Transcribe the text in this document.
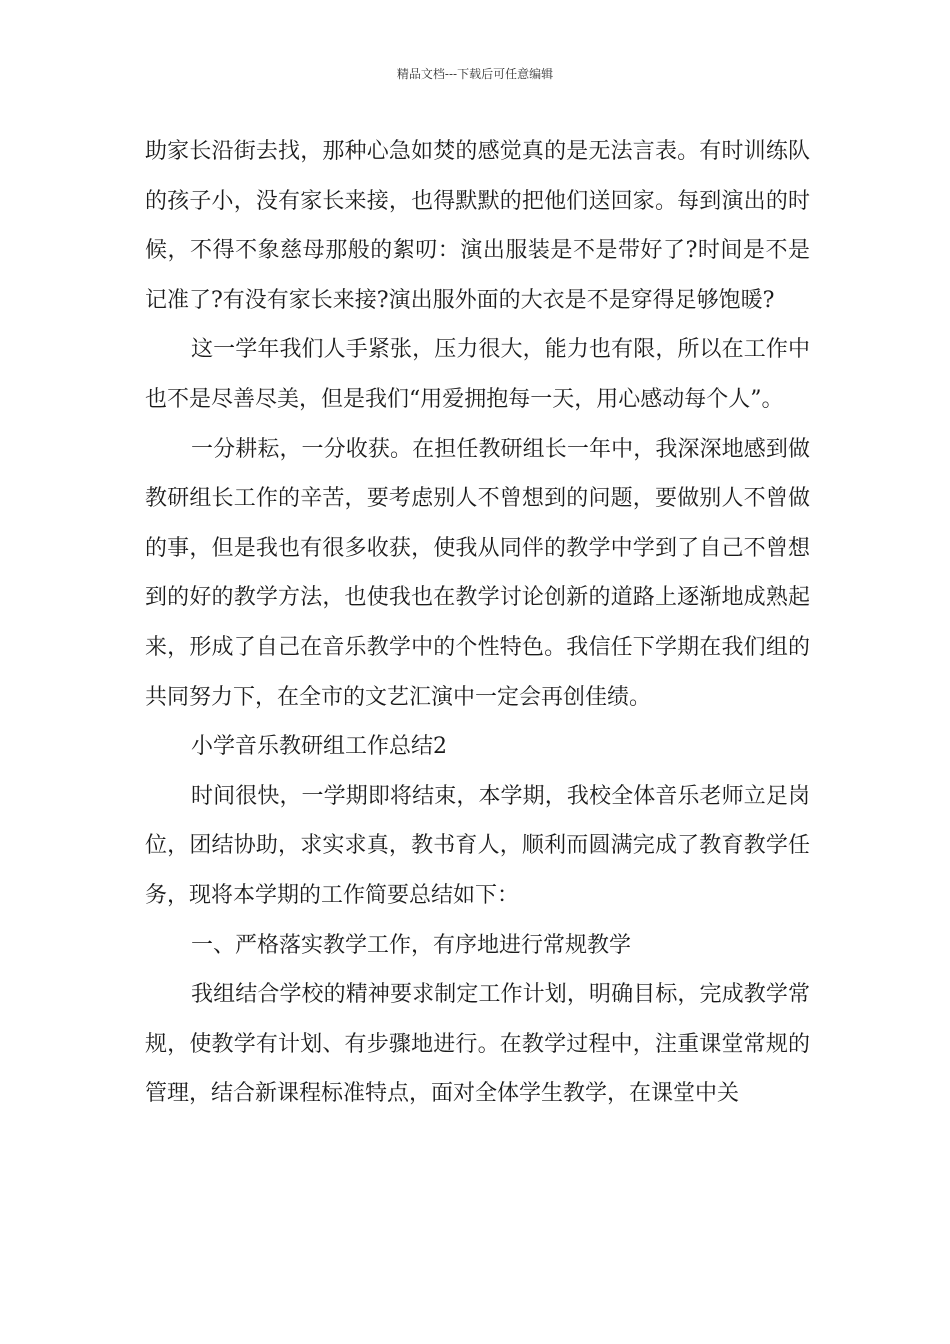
精品文档---下载后可任意编辑

助家长沿街去找，那种心急如焚的感觉真的是无法言表。有时训练队的孩子小，没有家长来接，也得默默的把他们送回家。每到演出的时候，不得不象慈母那般的絮叨：演出服装是不是带好了?时间是不是记准了?有没有家长来接?演出服外面的大衣是不是穿得足够饱暖?

这一学年我们人手紧张，压力很大，能力也有限，所以在工作中也不是尽善尽美，但是我们“用爱拥抱每一天，用心感动每个人”。

一分耕耘，一分收获。在担任教研组长一年中，我深深地感到做教研组长工作的辛苦，要考虑别人不曾想到的问题，要做别人不曾做的事，但是我也有很多收获，使我从同伴的教学中学到了自己不曾想到的好的教学方法，也使我也在教学讨论创新的道路上逐渐地成熟起来，形成了自己在音乐教学中的个性特色。我信任下学期在我们组的共同努力下，在全市的文艺汇演中一定会再创佳绩。

小学音乐教研组工作总结2

时间很快，一学期即将结束，本学期，我校全体音乐老师立足岗位，团结协助，求实求真，教书育人，顺利而圆满完成了教育教学任务，现将本学期的工作简要总结如下：

一、严格落实教学工作，有序地进行常规教学

我组结合学校的精神要求制定工作计划，明确目标，完成教学常规，使教学有计划、有步骤地进行。在教学过程中，注重课堂常规的管理，结合新课程标准特点，面对全体学生教学，在课堂中关
